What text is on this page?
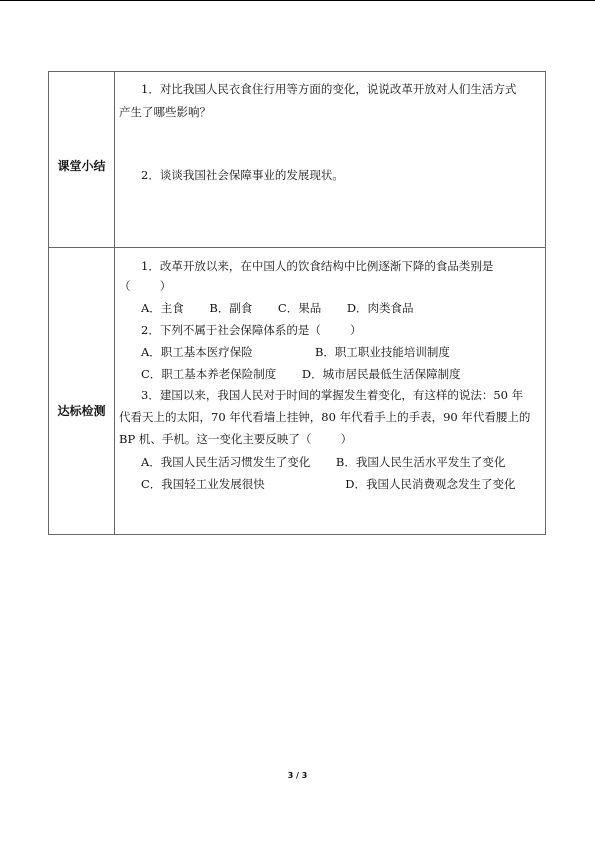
课堂小结
达标检测
1．对比我国人民衣食住行用等方面的变化，说说改革开放对人们生活方式
产生了哪些影响？
2．谈谈我国社会保障事业的发展现状。
1．改革开放以来，在中国人的饮食结构中比例逐渐下降的食品类别是
（        ）
A．主食       B．副食       C．果品       D．肉类食品
2．下列不属于社会保障体系的是（        ）
A．职工基本医疗保险                 B．职工职业技能培训制度
C．职工基本养老保险制度       D．城市居民最低生活保障制度
3．建国以来，我国人民对于时间的掌握发生着变化，有这样的说法：50 年
代看天上的太阳，70 年代看墙上挂钟，80 年代看手上的手表，90 年代看腰上的
BP 机、手机。这一变化主要反映了（        ）
A．我国人民生活习惯发生了变化       B．我国人民生活水平发生了变化
C．我国轻工业发展很快                      D．我国人民消费观念发生了变化
3 / 3
